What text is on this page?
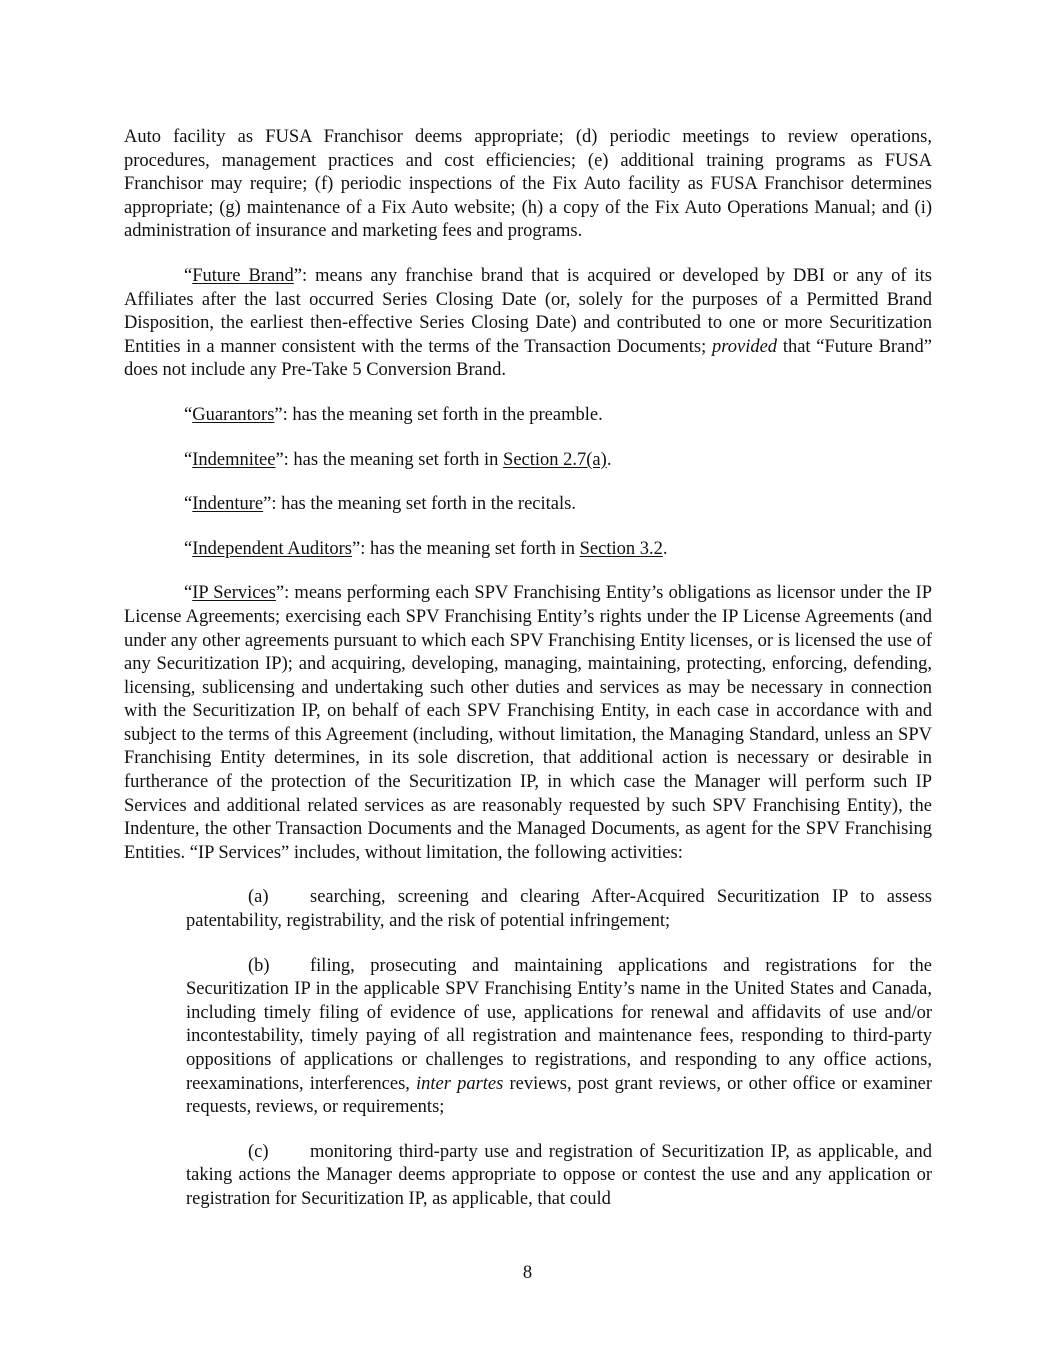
Auto facility as FUSA Franchisor deems appropriate; (d) periodic meetings to review operations, procedures, management practices and cost efficiencies; (e) additional training programs as FUSA Franchisor may require; (f) periodic inspections of the Fix Auto facility as FUSA Franchisor determines appropriate; (g) maintenance of a Fix Auto website; (h) a copy of the Fix Auto Operations Manual; and (i) administration of insurance and marketing fees and programs.

“Future Brand”: means any franchise brand that is acquired or developed by DBI or any of its Affiliates after the last occurred Series Closing Date (or, solely for the purposes of a Permitted Brand Disposition, the earliest then-effective Series Closing Date) and contributed to one or more Securitization Entities in a manner consistent with the terms of the Transaction Documents; provided that “Future Brand” does not include any Pre-Take 5 Conversion Brand.

“Guarantors”: has the meaning set forth in the preamble.

“Indemnitee”: has the meaning set forth in Section 2.7(a).

“Indenture”: has the meaning set forth in the recitals.

“Independent Auditors”: has the meaning set forth in Section 3.2.

“IP Services”: means performing each SPV Franchising Entity’s obligations as licensor under the IP License Agreements; exercising each SPV Franchising Entity’s rights under the IP License Agreements (and under any other agreements pursuant to which each SPV Franchising Entity licenses, or is licensed the use of any Securitization IP); and acquiring, developing, managing, maintaining, protecting, enforcing, defending, licensing, sublicensing and undertaking such other duties and services as may be necessary in connection with the Securitization IP, on behalf of each SPV Franchising Entity, in each case in accordance with and subject to the terms of this Agreement (including, without limitation, the Managing Standard, unless an SPV Franchising Entity determines, in its sole discretion, that additional action is necessary or desirable in furtherance of the protection of the Securitization IP, in which case the Manager will perform such IP Services and additional related services as are reasonably requested by such SPV Franchising Entity), the Indenture, the other Transaction Documents and the Managed Documents, as agent for the SPV Franchising Entities. “IP Services” includes, without limitation, the following activities:

(a) searching, screening and clearing After-Acquired Securitization IP to assess patentability, registrability, and the risk of potential infringement;

(b) filing, prosecuting and maintaining applications and registrations for the Securitization IP in the applicable SPV Franchising Entity’s name in the United States and Canada, including timely filing of evidence of use, applications for renewal and affidavits of use and/or incontestability, timely paying of all registration and maintenance fees, responding to third-party oppositions of applications or challenges to registrations, and responding to any office actions, reexaminations, interferences, inter partes reviews, post grant reviews, or other office or examiner requests, reviews, or requirements;

(c) monitoring third-party use and registration of Securitization IP, as applicable, and taking actions the Manager deems appropriate to oppose or contest the use and any application or registration for Securitization IP, as applicable, that could

8
